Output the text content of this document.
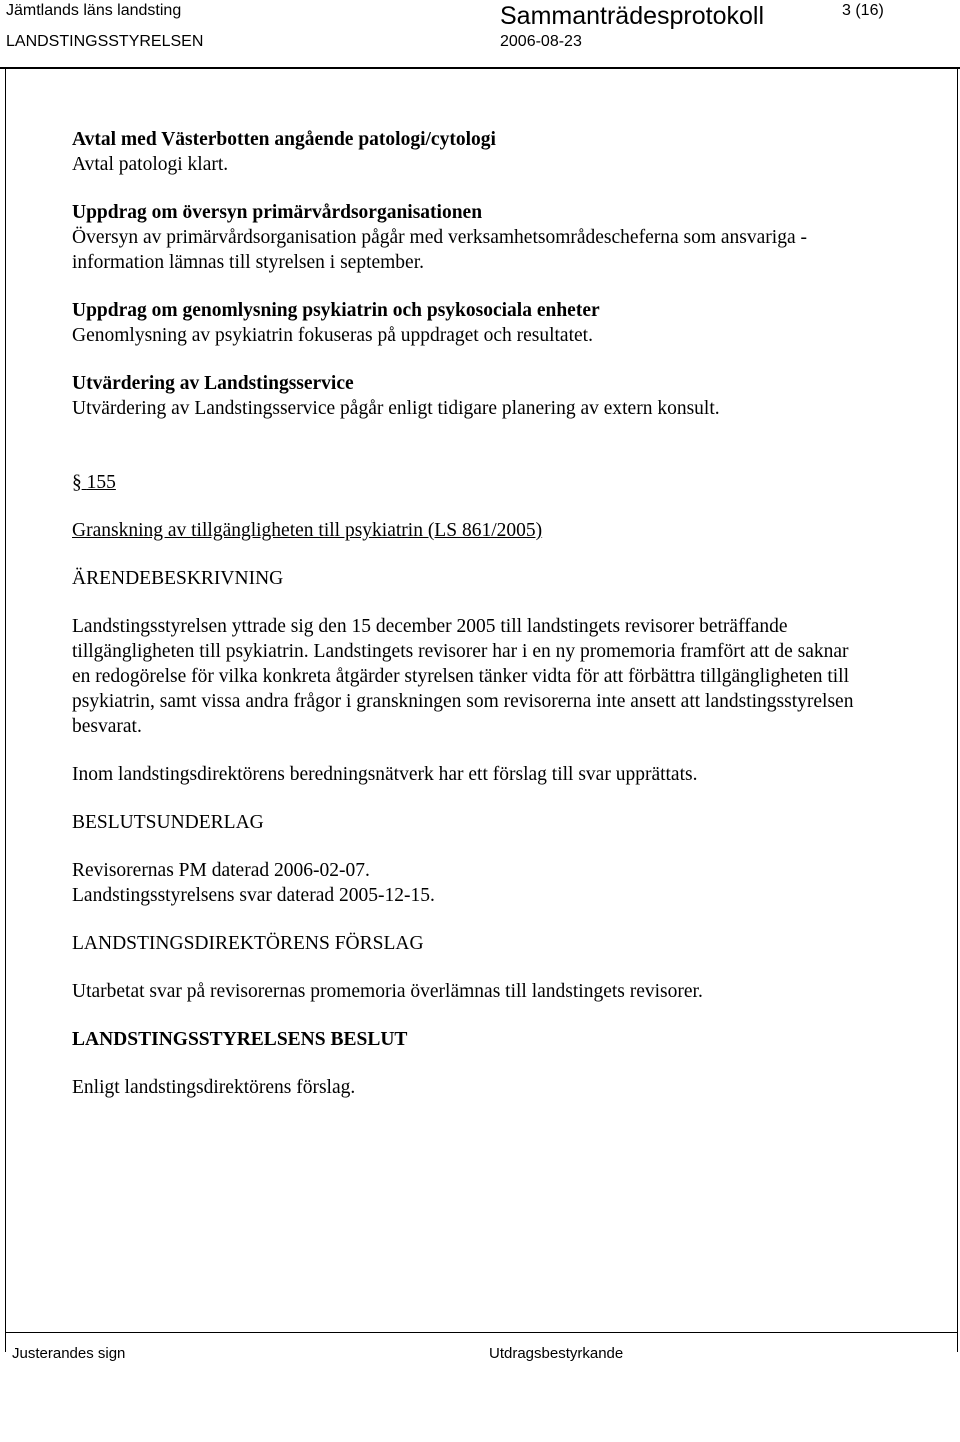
Jämtlands läns landsting
LANDSTINGSSTYRELSEN
Sammanträdesprotokoll
2006-08-23
3 (16)
Avtal med Västerbotten angående patologi/cytologi
Avtal patologi klart.
Uppdrag om översyn primärvårdsorganisationen
Översyn av primärvårdsorganisation pågår med verksamhetsområdescheferna som ansvariga -
information lämnas till styrelsen i september.
Uppdrag om genomlysning psykiatrin och psykosociala enheter
Genomlysning av psykiatrin fokuseras på uppdraget och resultatet.
Utvärdering av Landstingsservice
Utvärdering av Landstingsservice pågår enligt tidigare planering av extern konsult.
§ 155
Granskning av tillgängligheten till psykiatrin (LS 861/2005)
ÄRENDEBESKRIVNING
Landstingsstyrelsen yttrade sig den 15 december 2005 till landstingets revisorer beträffande
tillgängligheten till psykiatrin. Landstingets revisorer har i en ny promemoria framfört att de saknar
en redogörelse för vilka konkreta åtgärder styrelsen tänker vidta för att förbättra tillgängligheten till
psykiatrin, samt vissa andra frågor i granskningen som revisorerna inte ansett att landstingsstyrelsen
besvarat.
Inom landstingsdirektörens beredningsnätverk har ett förslag till svar upprättats.
BESLUTSUNDERLAG
Revisorernas PM daterad 2006-02-07.
Landstingsstyrelsens svar daterad 2005-12-15.
LANDSTINGSDIREKTÖRENS FÖRSLAG
Utarbetat svar på revisorernas promemoria överlämnas till landstingets revisorer.
LANDSTINGSSTYRELSENS BESLUT
Enligt landstingsdirektörens förslag.
Justerandes sign	Utdragsbestyrkande
